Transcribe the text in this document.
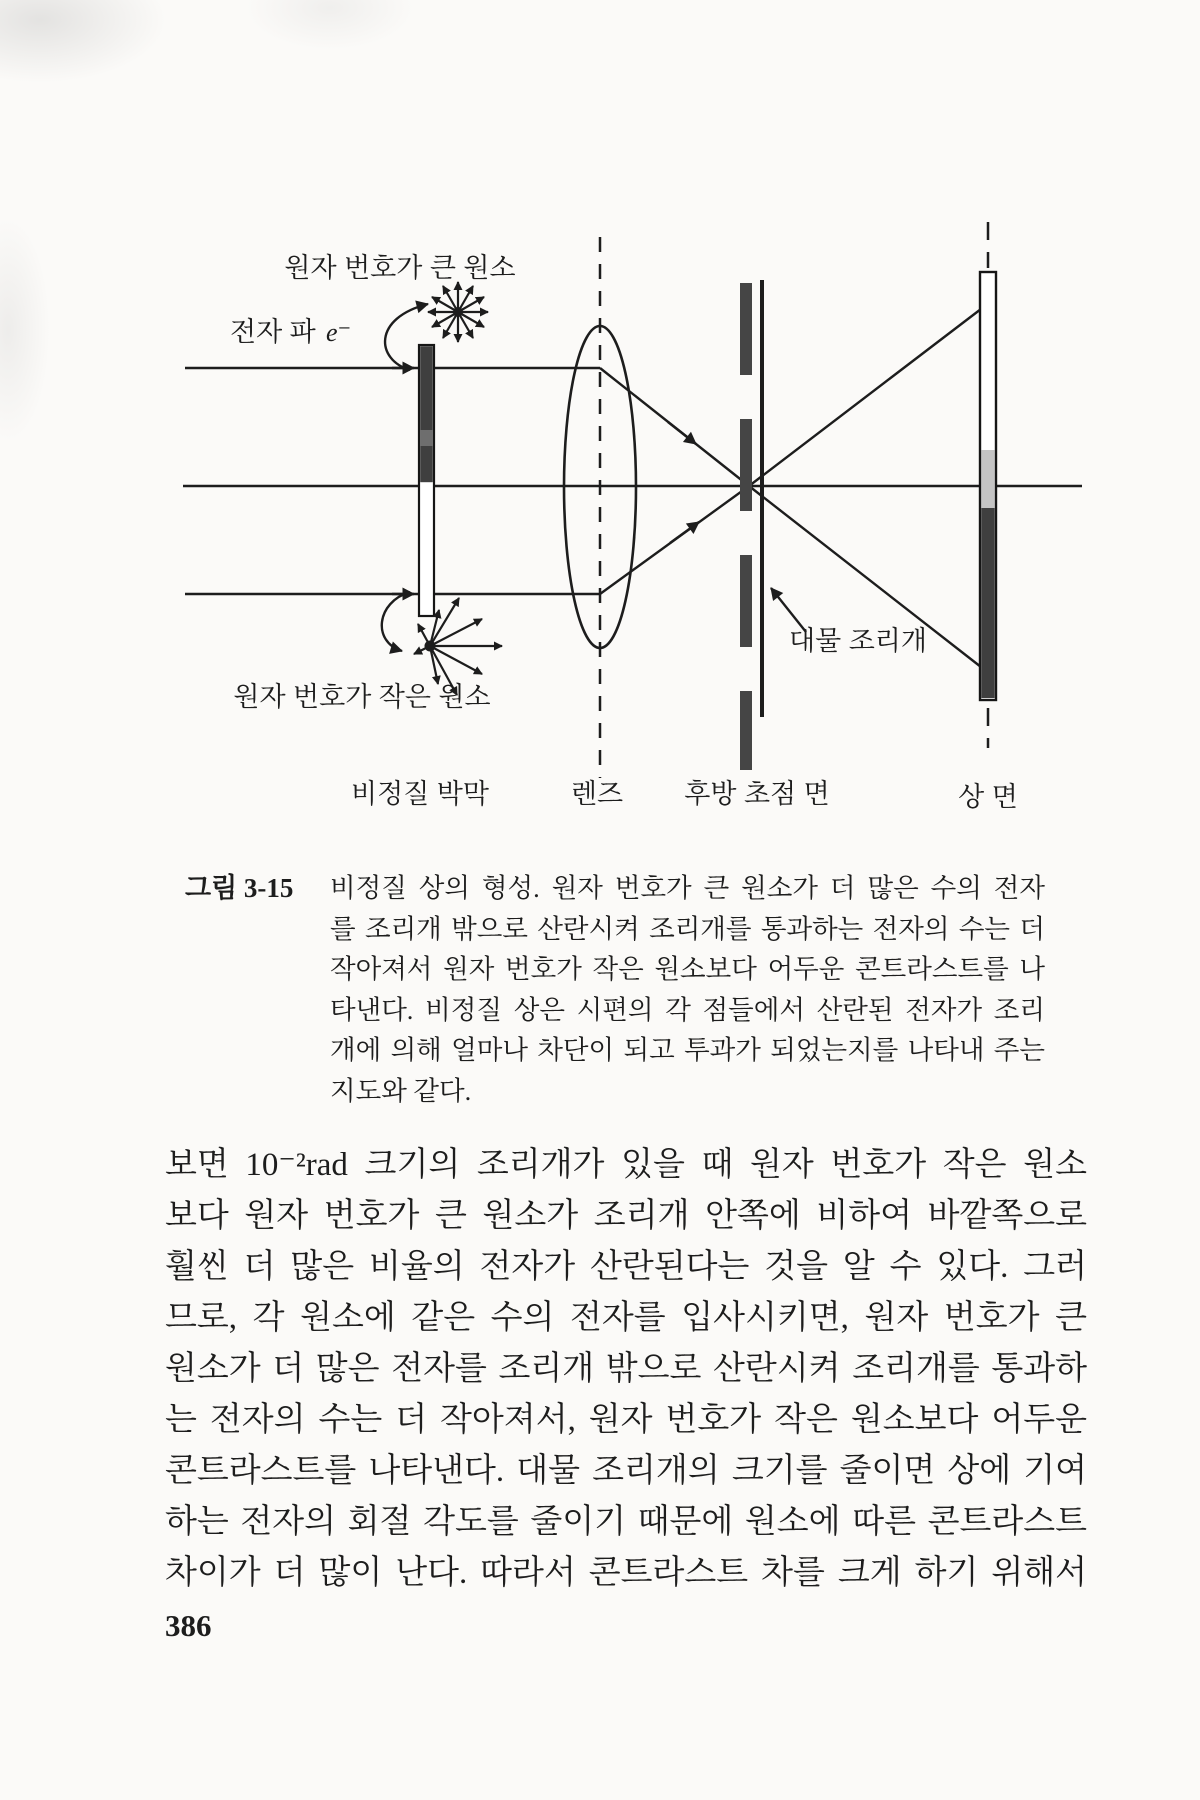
원자 번호가 큰 원소
전자 파 e⁻
원자 번호가 작은 원소
대물 조리개
비정질 박막	렌즈 후방 초점 면	상 면
그림 3-15	비정질 상의 형성. 원자 번호가 큰 원소가 더 많은 수의 전자
를 조리개 밖으로 산란시켜 조리개를 통과하는 전자의 수는 더
작아져서 원자 번호가 작은 원소보다 어두운 콘트라스트를 나
타낸다. 비정질 상은 시편의 각 점들에서 산란된 전자가 조리
개에 의해 얼마나 차단이 되고 투과가 되었는지를 나타내 주는
지도와 같다.
보면 10⁻²rad 크기의 조리개가 있을 때 원자 번호가 작은 원소
보다 원자 번호가 큰 원소가 조리개 안쪽에 비하여 바깥쪽으로
훨씬 더 많은 비율의 전자가 산란된다는 것을 알 수 있다. 그러
므로, 각 원소에 같은 수의 전자를 입사시키면, 원자 번호가 큰
원소가 더 많은 전자를 조리개 밖으로 산란시켜 조리개를 통과하
는 전자의 수는 더 작아져서, 원자 번호가 작은 원소보다 어두운
콘트라스트를 나타낸다. 대물 조리개의 크기를 줄이면 상에 기여
하는 전자의 회절 각도를 줄이기 때문에 원소에 따른 콘트라스트
차이가 더 많이 난다. 따라서 콘트라스트 차를 크게 하기 위해서
386
